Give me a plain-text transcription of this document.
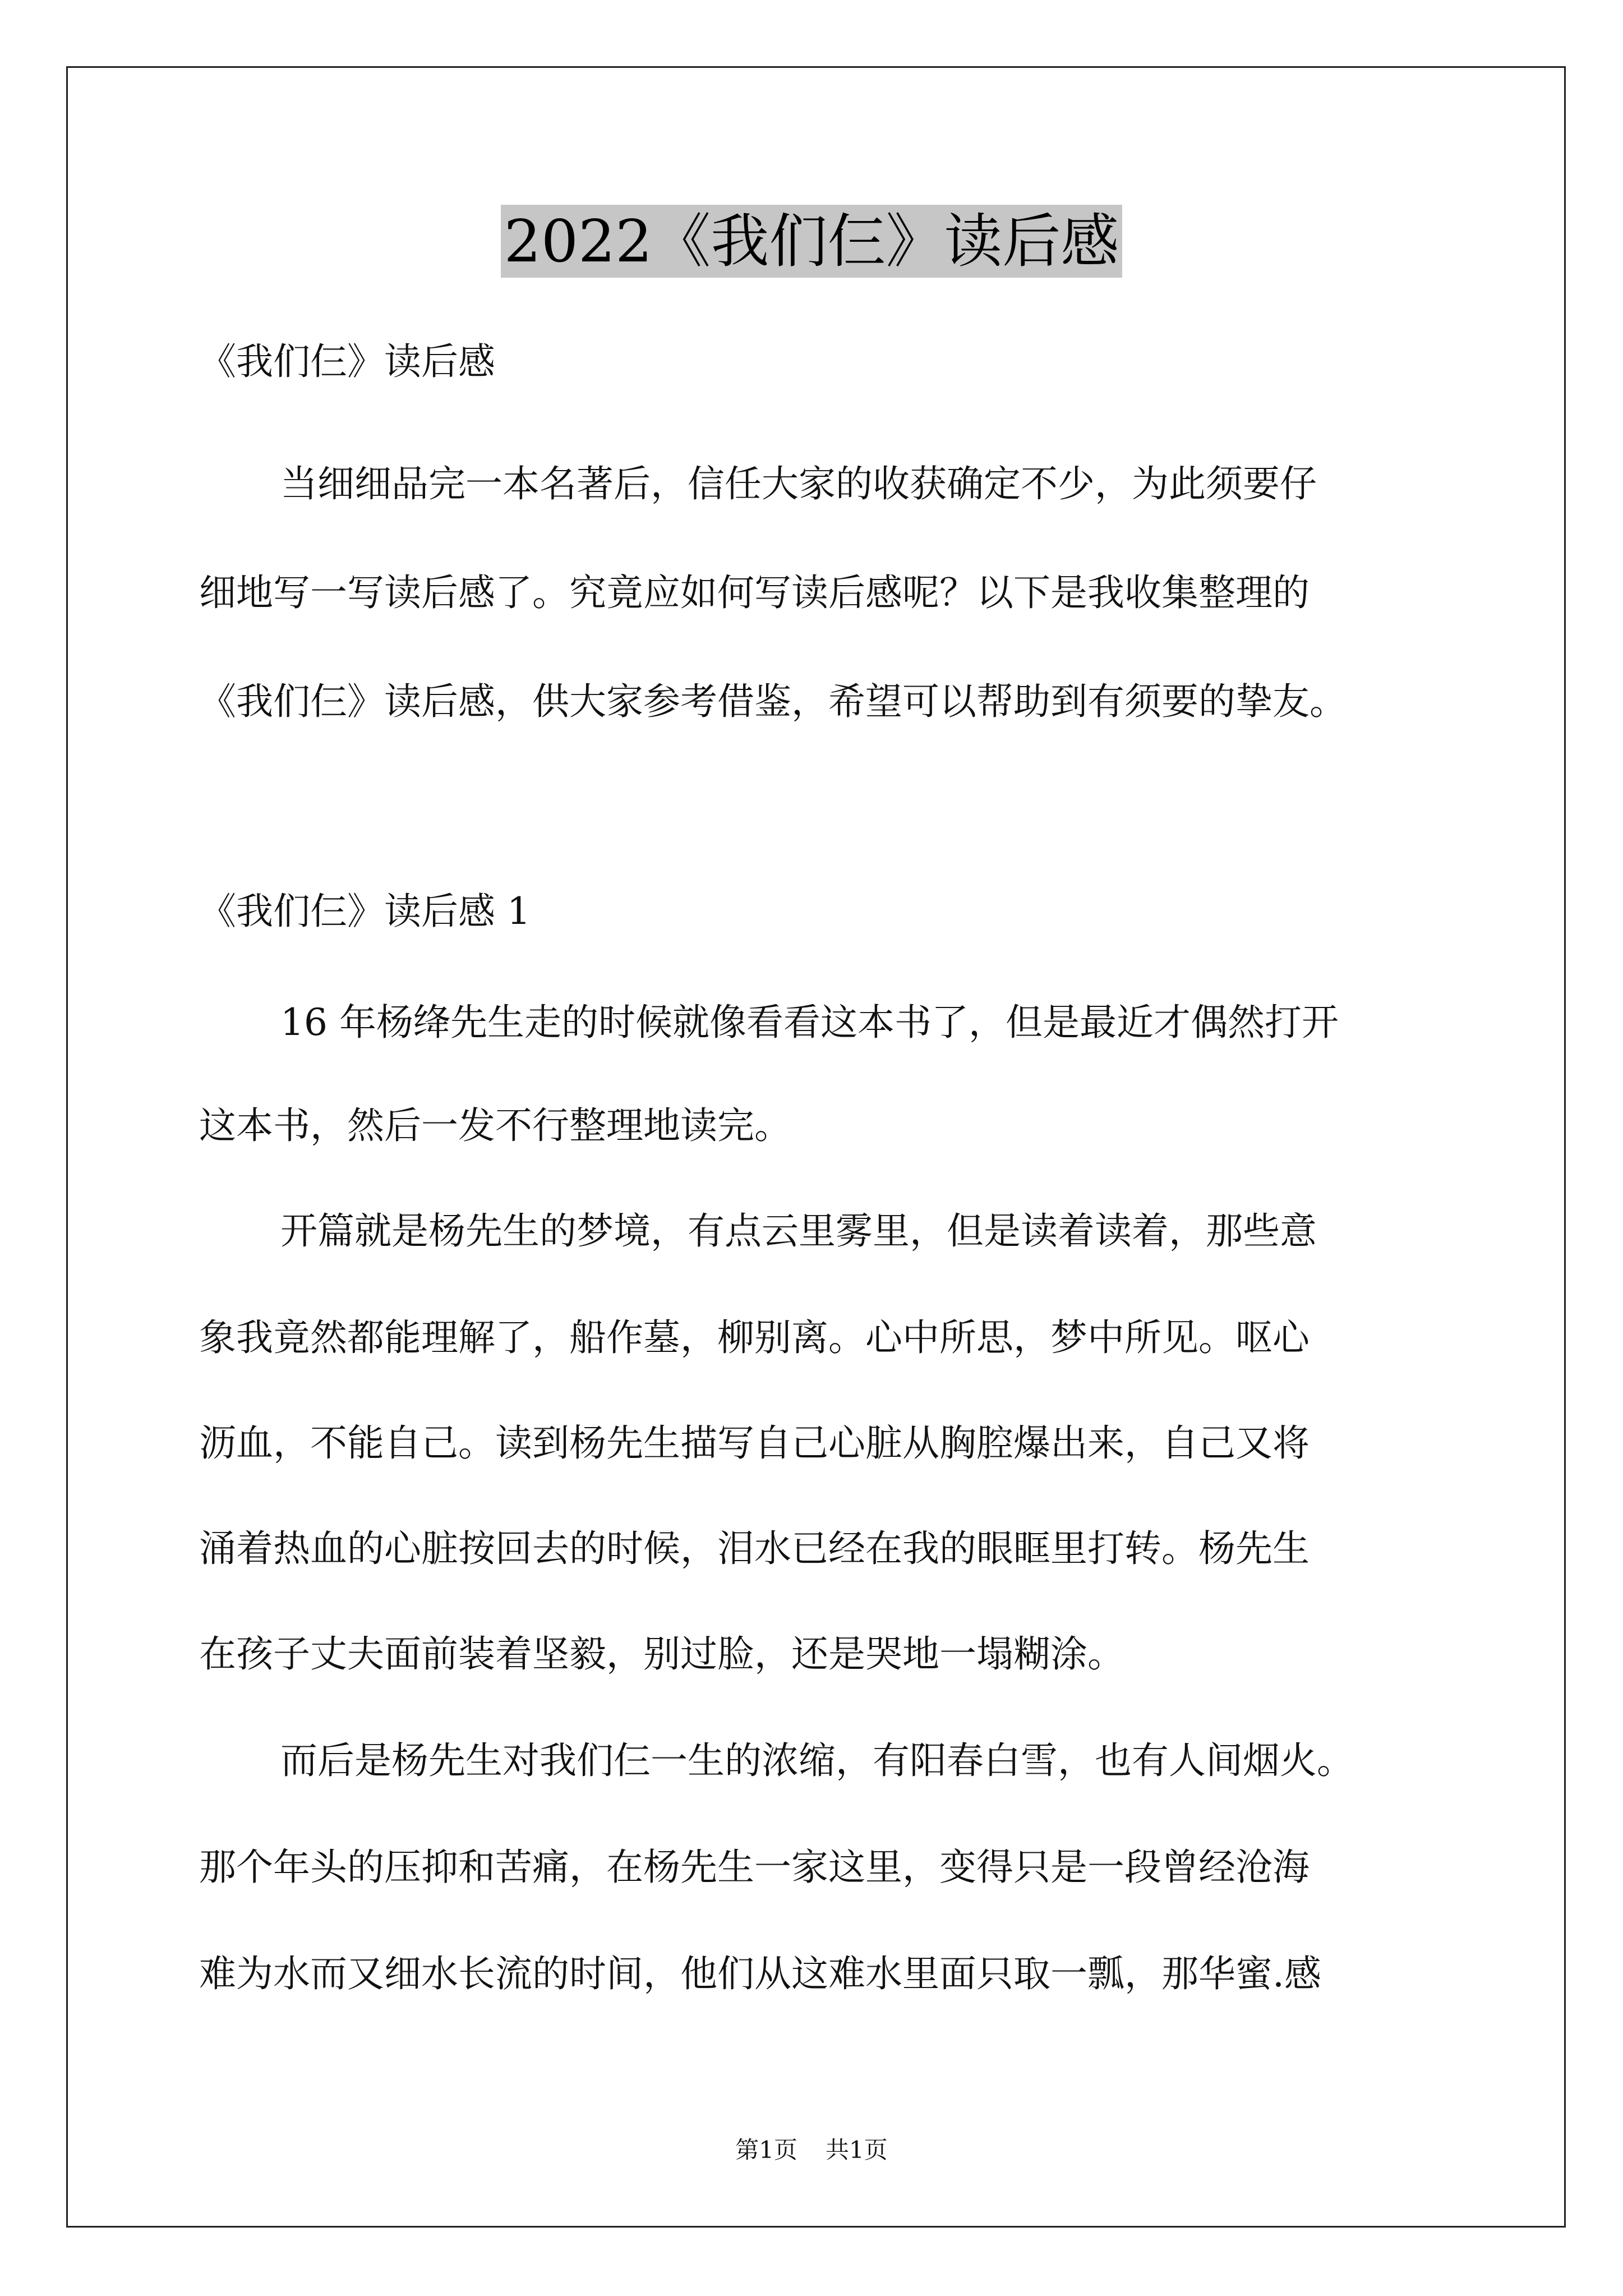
2022《我们仨》读后感

《我们仨》读后感

当细细品完一本名著后，信任大家的收获确定不少，为此须要仔

细地写一写读后感了。究竟应如何写读后感呢？以下是我收集整理的

《我们仨》读后感，供大家参考借鉴，希望可以帮助到有须要的挚友。

《我们仨》读后感 1

16 年杨绛先生走的时候就像看看这本书了，但是最近才偶然打开

这本书，然后一发不行整理地读完。

开篇就是杨先生的梦境，有点云里雾里，但是读着读着，那些意

象我竟然都能理解了，船作墓，柳别离。心中所思，梦中所见。呕心

沥血，不能自己。读到杨先生描写自己心脏从胸腔爆出来，自己又将

涌着热血的心脏按回去的时候，泪水已经在我的眼眶里打转。杨先生

在孩子丈夫面前装着坚毅，别过脸，还是哭地一塌糊涂。

而后是杨先生对我们仨一生的浓缩，有阳春白雪，也有人间烟火。

那个年头的压抑和苦痛，在杨先生一家这里，变得只是一段曾经沧海

难为水而又细水长流的时间，他们从这难水里面只取一瓢，那华蜜.感

第1页 共1页
